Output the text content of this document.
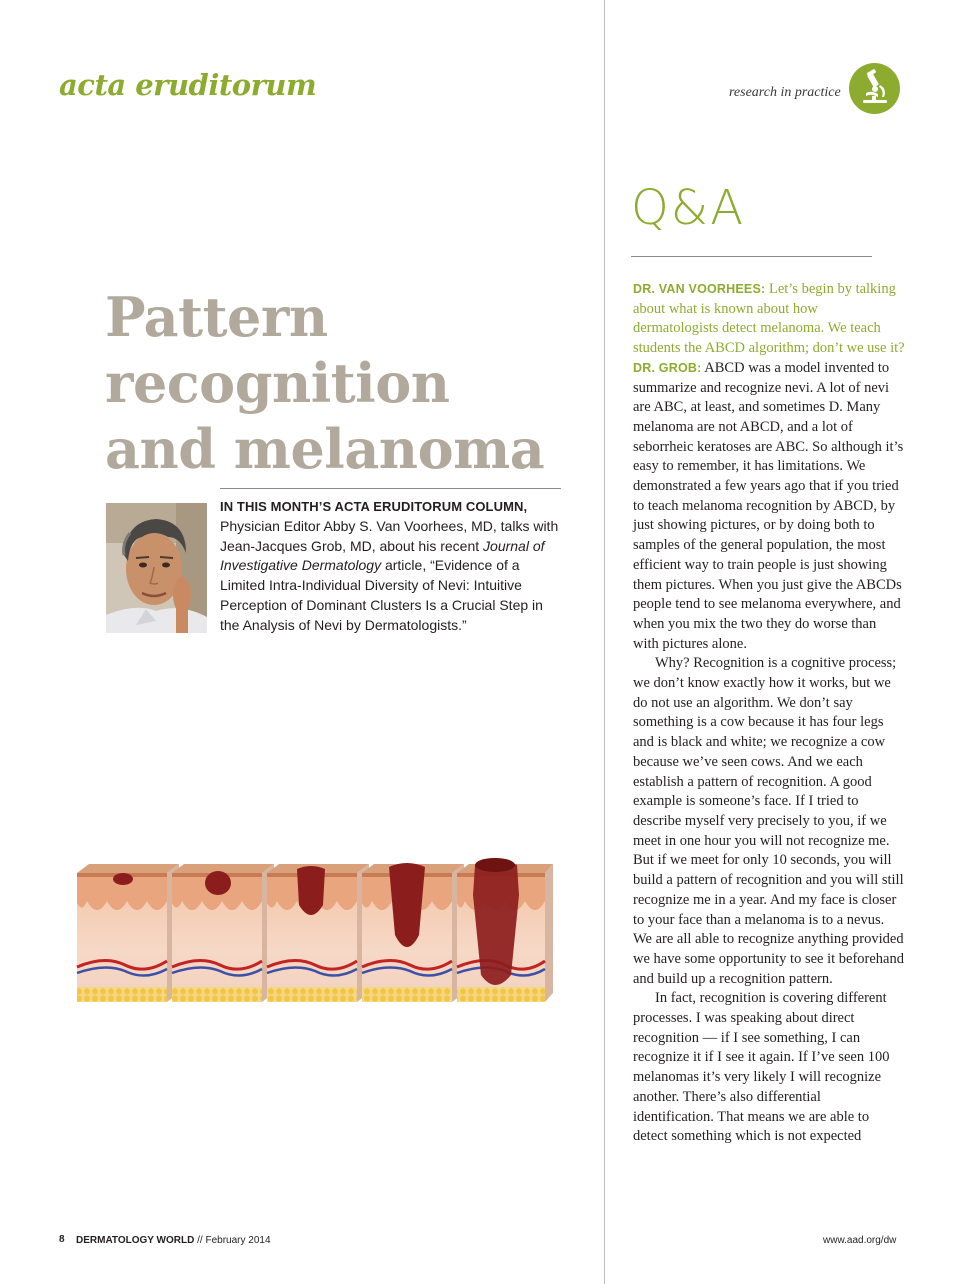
acta eruditorum	research in practice
Q&A
Pattern recognition and melanoma

IN THIS MONTH’S ACTA ERUDITORUM COLUMN, Physician Editor Abby S. Van Voorhees, MD, talks with Jean-Jacques Grob, MD, about his recent Journal of Investigative Dermatology article, “Evidence of a Limited Intra-Individual Diversity of Nevi: Intuitive Perception of Dominant Clusters Is a Crucial Step in the Analysis of Nevi by Dermatologists.”

DR. VAN VOORHEES: Let’s begin by talking about what is known about how dermatologists detect melanoma. We teach students the ABCD algorithm; don’t we use it?

DR. GROB: ABCD was a model invented to summarize and recognize nevi. A lot of nevi are ABC, at least, and sometimes D. Many melanoma are not ABCD, and a lot of seborrheic keratoses are ABC. So although it’s easy to remember, it has limitations. We demonstrated a few years ago that if you tried to teach melanoma recognition by ABCD, by just showing pictures, or by doing both to samples of the general population, the most efficient way to train people is just showing them pictures. When you just give the ABCDs people tend to see melanoma everywhere, and when you mix the two they do worse than with pictures alone.

Why? Recognition is a cognitive process; we don’t know exactly how it works, but we do not use an algorithm. We don’t say something is a cow because it has four legs and is black and white; we recognize a cow because we’ve seen cows. And we each establish a pattern of recognition. A good example is someone’s face. If I tried to describe myself very precisely to you, if we meet in one hour you will not recognize me. But if we meet for only 10 seconds, you will build a pattern of recognition and you will still recognize me in a year. And my face is closer to your face than a melanoma is to a nevus. We are all able to recognize anything provided we have some opportunity to see it beforehand and build up a recognition pattern.

In fact, recognition is covering different processes. I was speaking about direct recognition — if I see something, I can recognize it if I see it again. If I’ve seen 100 melanomas it’s very likely I will recognize another. There’s also differential identification. That means we are able to detect something which is not expected

8 DERMATOLOGY WORLD // February 2014	www.aad.org/dw
